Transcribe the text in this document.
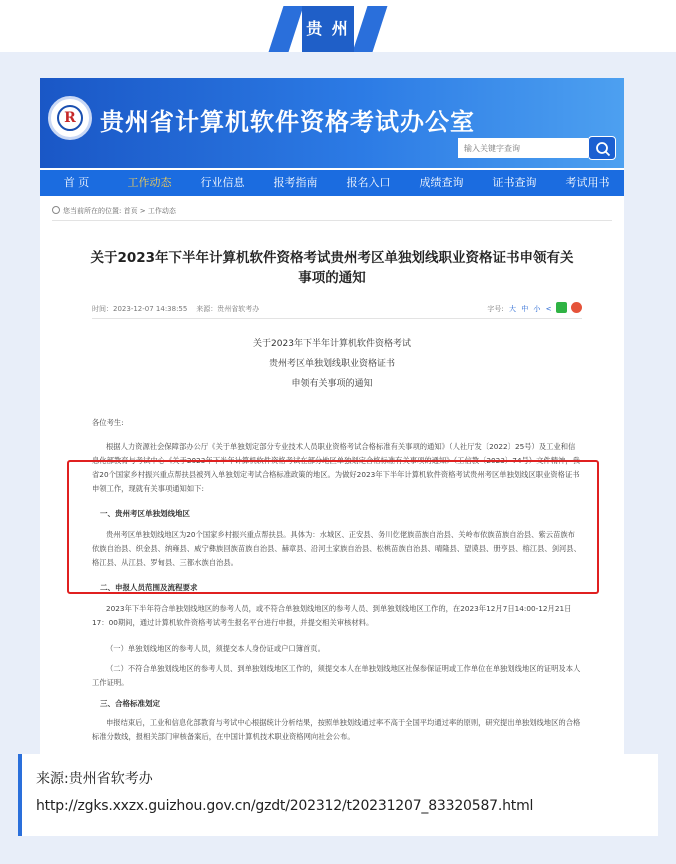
贵 州
R
贵州省计算机软件资格考试办公室
输入关键字查询
首 页	工作动态	行业信息	报考指南	报名入口	成绩查询	证书查询	考试用书
您当前所在的位置: 首页 > 工作动态
关于2023年下半年计算机软件资格考试贵州考区单独划线职业资格证书申领有关事项的通知
时间：2023-12-07 14:38:55 来源：贵州省软考办	字号: 大 中 小 <
关于2023年下半年计算机软件资格考试
贵州考区单独划线职业资格证书
申领有关事项的通知
各位考生:
根据人力资源社会保障部办公厅《关于单独划定部分专业技术人员职业资格考试合格标准有关事项的通知》（人社厅发〔2022〕25号）及工业和信息化部教育与考试中心《关于2023年下半年计算机软件资格考试在部分地区单独划定合格标准有关事项的通知》（工信教〔2023〕74号）文件精神，我省20个国家乡村振兴重点帮扶县被列入单独划定考试合格标准政策的地区。为做好2023年下半年计算机软件资格考试贵州考区单独划线区职业资格证书申领工作，现就有关事项通知如下:
一、贵州考区单独划线地区
贵州考区单独划线地区为20个国家乡村振兴重点帮扶县。具体为：水城区、正安县、务川仡佬族苗族自治县、关岭布依族苗族自治县、紫云苗族布依族自治县、织金县、纳雍县、威宁彝族回族苗族自治县、赫章县、沿河土家族自治县、松桃苗族自治县、晴隆县、望谟县、册亨县、榕江县、剑河县、格江县、从江县、罗甸县、三都水族自治县。
二、申报人员范围及流程要求
2023年下半年符合单独划线地区的参考人员，或不符合单独划线地区的参考人员、到单独划线地区工作的，在2023年12月7日14:00-12月21日17：00期间，通过计算机软件资格考试考生报名平台进行申报，并提交相关审核材料。
（一）单独划线地区的参考人员，须提交本人身份证或户口簿首页。
（二）不符合单独划线地区的参考人员、到单独划线地区工作的，须提交本人在单独划线地区社保参保证明或工作单位在单独划线地区的证明及本人工作证明。
三、合格标准划定
申报结束后，工业和信息化部教育与考试中心根据统计分析结果，按照单独划线通过率不高于全国平均通过率的原则，研究提出单独划线地区的合格标准分数线，报相关部门审核备案后，在中国计算机技术职业资格网向社会公布。
来源:贵州省软考办
http://zgks.xxzx.guizhou.gov.cn/gzdt/202312/t20231207_83320587.html
